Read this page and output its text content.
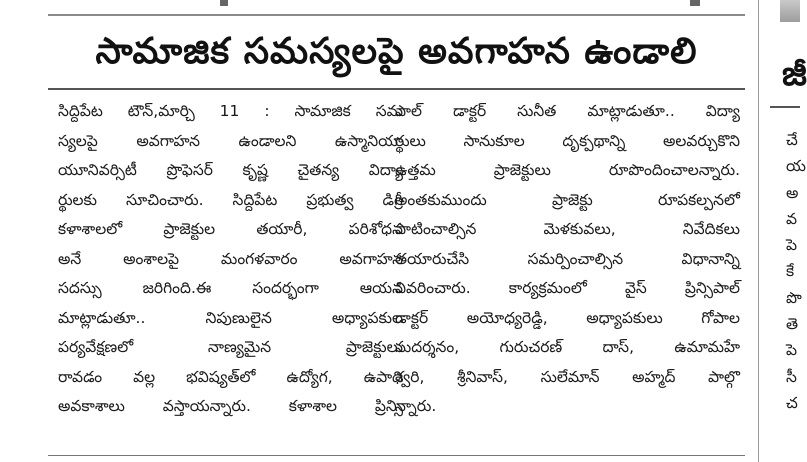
సామాజిక సమస్యలపై అవగాహన ఉండాలి
సిద్దిపేట టౌన్,మార్చి 11 : సామాజిక సమ
స్యలపై అవగాహన ఉండాలని ఉస్మానియా
యూనివర్సిటీ ప్రొఫెసర్ కృష్ణ చైతన్య విద్యా
ర్థులకు సూచించారు. సిద్దిపేట ప్రభుత్వ డిగ్రీ
కళాశాలలో ప్రాజెక్టుల తయారీ, పరిశోధన
అనే అంశాలపై మంగళవారం అవగాహన
సదస్సు జరిగింది.ఈ సందర్భంగా ఆయన
మాట్లాడుతూ.. నిపుణులైన అధ్యాపకుల
పర్యవేక్షణలో నాణ్యమైన ప్రాజెక్టులు
రావడం వల్ల భవిష్యత్‌లో ఉద్యోగ, ఉపాధి
అవకాశాలు వస్తాయన్నారు. కళాశాల ప్రిన్సి
పాల్ డాక్టర్ సునీత మాట్లాడుతూ.. విద్యా
ర్థులు సానుకూల దృక్పథాన్ని అలవర్చుకొని
ఉత్తమ ప్రాజెక్టులు రూపొందించాలన్నారు.
అంతకుముందు ప్రాజెక్టు రూపకల్పనలో
పాటించాల్సిన మెళకువలు, నివేదికలు
తయారుచేసి సమర్పించాల్సిన విధానాన్ని
వివరించారు. కార్యక్రమంలో వైస్ ప్రిన్సిపాల్
డాక్టర్ అయోధ్యరెడ్డి, అధ్యాపకులు గోపాల
సుదర్శనం, గురుచరణ్ దాస్, ఉమామహే
శ్వరి, శ్రీనివాస్, సులేమాన్ అహ్మద్ పాల్గొ
న్నారు.
జీ
చే
య
అ
వ
పె
కే
పొ
తె
పె
సీ
చ
